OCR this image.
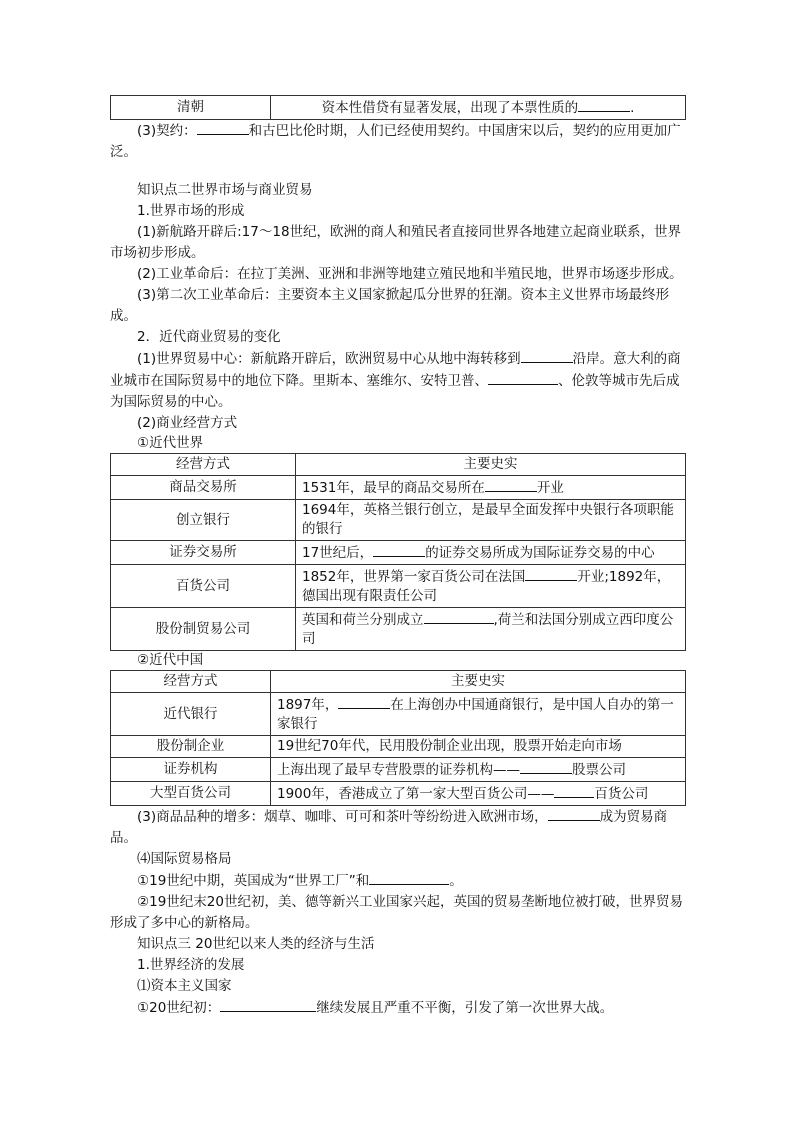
清朝	资本性借贷有显著发展，出现了本票性质的	.

(3)契约：	和古巴比伦时期，人们已经使用契约。中国唐宋以后，契约的应用更加广泛。

知识点二世界市场与商业贸易

1.世界市场的形成

(1)新航路开辟后:17～18世纪，欧洲的商人和殖民者直接同世界各地建立起商业联系，世界市场初步形成。

(2)工业革命后：在拉丁美洲、亚洲和非洲等地建立殖民地和半殖民地，世界市场逐步形成。

(3)第二次工业革命后：主要资本主义国家掀起瓜分世界的狂潮。资本主义世界市场最终形成。

2．近代商业贸易的变化

(1)世界贸易中心：新航路开辟后，欧洲贸易中心从地中海转移到	沿岸。意大利的商业城市在国际贸易中的地位下降。里斯本、塞维尔、安特卫普、	、伦敦等城市先后成为国际贸易的中心。

(2)商业经营方式

①近代世界
经营方式	主要史实
商品交易所	1531年，最早的商品交易所在 开业
创立银行	1694年，英格兰银行创立，是最早全面发挥中央银行各项职能的银行
证券交易所	17世纪后， 的证券交易所成为国际证券交易的中心
百货公司	1852年，世界第一家百货公司在法国 开业;1892年，德国出现有限责任公司
股份制贸易公司	英国和荷兰分别成立 ,荷兰和法国分别成立西印度公司
②近代中国
经营方式	主要史实
近代银行	1897年， 在上海创办中国通商银行，是中国人自办的第一家银行
股份制企业	19世纪70年代，民用股份制企业出现，股票开始走向市场
证券机构	上海出现了最早专营股票的证券机构—— 股票公司
大型百货公司	1900年，香港成立了第一家大型百货公司—— 百货公司

(3)商品品种的增多：烟草、咖啡、可可和茶叶等纷纷进入欧洲市场，	成为贸易商品。

⑷国际贸易格局

①19世纪中期，英国成为“世界工厂”和	。

②19世纪末20世纪初，美、德等新兴工业国家兴起，英国的贸易垄断地位被打破，世界贸易形成了多中心的新格局。

知识点三 20世纪以来人类的经济与生活

1.世界经济的发展

⑴资本主义国家

①20世纪初：	继续发展且严重不平衡，引发了第一次世界大战。
